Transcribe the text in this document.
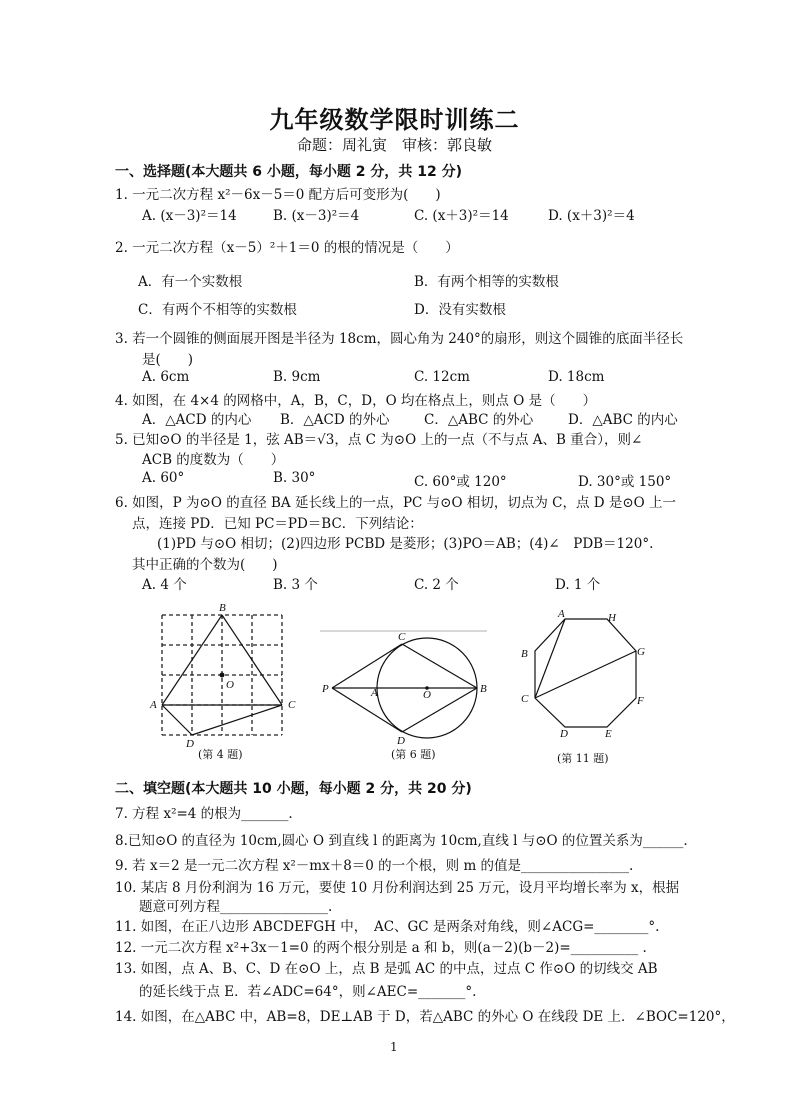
九年级数学限时训练二
命题：周礼寅　审核：郭良敏
一、选择题(本大题共 6 小题，每小题 2 分，共 12 分)
1. 一元二次方程 x²－6x－5＝0 配方后可变形为(　　)
A. (x－3)²＝14	B. (x－3)²＝4	C. (x＋3)²＝14	D. (x＋3)²＝4
2. 一元二次方程（x－5）²＋1＝0 的根的情况是（　　）
A．有一个实数根	B．有两个相等的实数根
C．有两个不相等的实数根	D．没有实数根
3. 若一个圆锥的侧面展开图是半径为 18cm，圆心角为 240°的扇形，则这个圆锥的底面半径长
是(　　)
A. 6cm	B. 9cm	C. 12cm	D. 18cm
4. 如图，在 4×4 的网格中，A，B，C，D，O 均在格点上，则点 O 是（　　）
A．△ACD 的内心 B．△ACD 的外心	C．△ABC 的外心	D．△ABC 的内心
5. 已知⊙O 的半径是 1，弦 AB＝√3，点 C 为⊙O 上的一点（不与点 A、B 重合），则∠
ACB 的度数为（　　）
A. 60°	B. 30°	C. 60°或 120°	D. 30°或 150°
6. 如图，P 为⊙O 的直径 BA 延长线上的一点，PC 与⊙O 相切，切点为 C，点 D 是⊙O 上一
点，连接 PD．已知 PC＝PD＝BC．下列结论：
(1)PD 与⊙O 相切；(2)四边形 PCBD 是菱形；(3)PO＝AB；(4)∠　PDB＝120°.
其中正确的个数为(　　)
A. 4 个	B. 3 个	C. 2 个	D. 1 个
B
A	C
D
O
(第 4 题)
P	A	O	B
C
D
(第 6 题)
A	H
G
F
E
D
C
B
(第 11 题)
二、填空题(本大题共 10 小题，每小题 2 分，共 20 分)
7. 方程 x²=4 的根为_______.
8.已知⊙O 的直径为 10cm,圆心 O 到直线 l 的距离为 10cm,直线 l 与⊙O 的位置关系为______.
9. 若 x＝2 是一元二次方程 x²－mx＋8＝0 的一个根，则 m 的值是________________.
10. 某店 8 月份利润为 16 万元，要使 10 月份利润达到 25 万元，设月平均增长率为 x，根据
题意可列方程________________.
11. 如图，在正八边形 ABCDEFGH 中，　AC、GC 是两条对角线，则∠ACG=________°.
12. 一元二次方程 x²+3x－1=0 的两个根分别是 a 和 b，则(a－2)(b－2)=__________ .
13. 如图，点 A、B、C、D 在⊙O 上，点 B 是弧 AC 的中点，过点 C 作⊙O 的切线交 AB
的延长线于点 E．若∠ADC=64°，则∠AEC=_______°.
14. 如图，在△ABC 中，AB=8，DE⊥AB 于 D，若△ABC 的外心 O 在线段 DE 上．∠BOC=120°，
1
